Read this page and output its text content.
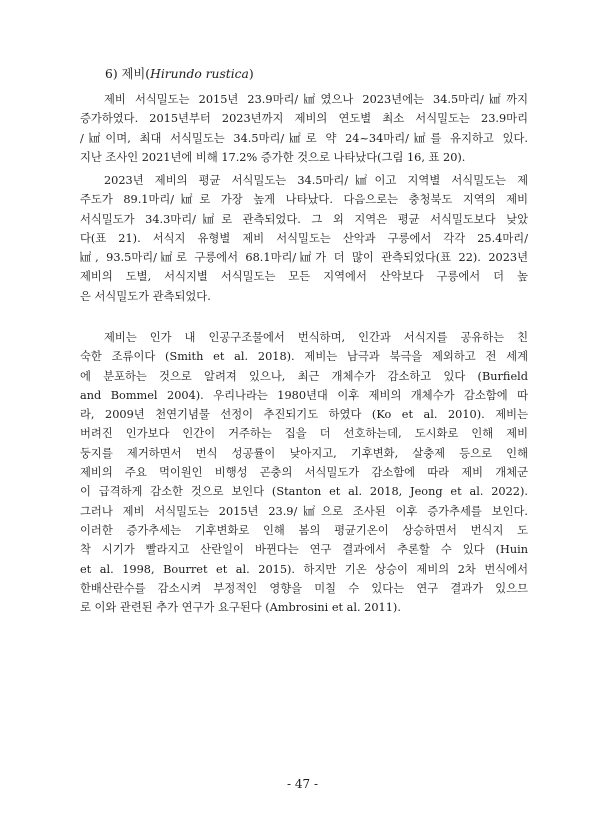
6) 제비(Hirundo rustica)
제비 서식밀도는 2015년 23.9마리/㎢였으나 2023년에는 34.5마리/㎢까지
증가하였다. 2015년부터 2023년까지 제비의 연도별 최소 서식밀도는 23.9마리
/㎢이며, 최대 서식밀도는 34.5마리/㎢로 약 24~34마리/㎢를 유지하고 있다.
지난 조사인 2021년에 비해 17.2% 증가한 것으로 나타났다(그림 16, 표 20).
2023년 제비의 평균 서식밀도는 34.5마리/㎢이고 지역별 서식밀도는 제
주도가 89.1마리/㎢로 가장 높게 나타났다. 다음으로는 충청북도 지역의 제비
서식밀도가 34.3마리/㎢로 관측되었다. 그 외 지역은 평균 서식밀도보다 낮았
다(표 21). 서식지 유형별 제비 서식밀도는 산악과 구릉에서 각각 25.4마리/
㎢, 93.5마리/㎢로 구릉에서 68.1마리/㎢가 더 많이 관측되었다(표 22). 2023년
제비의 도별, 서식지별 서식밀도는 모든 지역에서 산악보다 구릉에서 더 높
은 서식밀도가 관측되었다.
제비는 인가 내 인공구조물에서 번식하며, 인간과 서식지를 공유하는 친
숙한 조류이다 (Smith et al. 2018). 제비는 남극과 북극을 제외하고 전 세계
에 분포하는 것으로 알려져 있으나, 최근 개체수가 감소하고 있다 (Burfield
and Bommel 2004). 우리나라는 1980년대 이후 제비의 개체수가 감소함에 따
라, 2009년 천연기념물 선정이 추진되기도 하였다 (Ko et al. 2010). 제비는
버려진 인가보다 인간이 거주하는 집을 더 선호하는데, 도시화로 인해 제비
둥지를 제거하면서 번식 성공률이 낮아지고, 기후변화, 살충제 등으로 인해
제비의 주요 먹이원인 비행성 곤충의 서식밀도가 감소함에 따라 제비 개체군
이 급격하게 감소한 것으로 보인다 (Stanton et al. 2018, Jeong et al. 2022).
그러나 제비 서식밀도는 2015년 23.9/㎢으로 조사된 이후 증가추세를 보인다.
이러한 증가추세는 기후변화로 인해 봄의 평균기온이 상승하면서 번식지 도
착 시기가 빨라지고 산란일이 바뀐다는 연구 결과에서 추론할 수 있다 (Huin
et al. 1998, Bourret et al. 2015). 하지만 기온 상승이 제비의 2차 번식에서
한배산란수를 감소시켜 부정적인 영향을 미칠 수 있다는 연구 결과가 있으므
로 이와 관련된 추가 연구가 요구된다 (Ambrosini et al. 2011).

- 47 -
